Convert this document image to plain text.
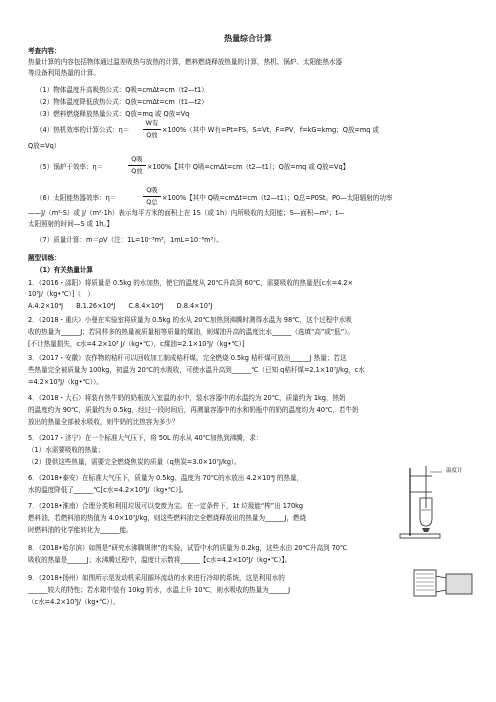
热量综合计算
考查内容：
热量计算的内容包括物体通过温差吸热与放热的计算，燃料燃烧释放热量的计算，热机、锅炉、太阳能热水器
等设备利用热量的计算。
（1）物体温度升高吸热公式：Q吸=cmΔt=cm（t2—t1）
（2）物体温度降低放热公式：Q放=cmΔt=cm（t1—t2）
（3）燃料燃烧释放热量公式：Q放=mq 或 Q放=Vq
（4）热机效率的计算公式：η＝
W有
Q放
×100%（其中 W有=Pt=FS，S=Vt，F=PV，f=kG=kmg；Q放=mq 或
Q放=Vq）
（5）锅炉于效率：η＝
Q吸
Q放 ×100%【其中 Q吸=cmΔt=cm（t2—t1）；Q放=mq 或 Q放=Vq】
（6）太阳能热器效率：η＝
Q吸
Q总 ×100%【其中 Q吸=cmΔt=cm（t2—t1）；Q总=P0St。P0—太阳辐射的功率
——J/（m²·S）或 J/（m²·1h）表示每平方米的面积上在 1S（或 1h）内所吸收的太阳能；S—面积—m²；t—
太阳照射的时间—S 或 1h。】
（7）质量计算：m＝ρV（注：1L=10⁻³m³，1mL=10⁻⁶m³）。
题型训练：
（1）有关热量计算
1．（2016・邵阳）将质量是 0.5kg 的水加热，使它的温度从 20℃升高到 60℃，需要吸收的热量是[c水=4.2×
10³J/（kg•℃）]（　）
A.4.2×10⁴J　　B.1.26×10⁴J　　C.8.4×10⁴J　　D.8.4×10⁷J
2．（2018・重庆）小曼在实验室将质量为 0.5kg 的水从 20℃加热到沸腾时测得水温为 98℃，这个过程中水吸
收的热量为______J；若同样多的热量被质量相等质量的煤油，则煤油升高的温度比水______（选填“高”或“低”）。
[不计热量损失，c水=4.2×10³ J/（kg•℃），c煤油=2.1×10³J/（kg•℃）]
3．（2017・安徽）农作物的秸秆可以回收加工制成秸秆煤。完全燃烧 0.5kg 秸秆煤可放出______J 热量；若这
些热量完全被质量为 100kg，初温为 20℃的水吸收，可使水温升高到______℃（已知 q秸秆煤=2.1×10⁷J/kg，c水
=4.2×10³J/（kg•℃））。
4．（2018・大石）将装有热牛奶的奶瓶放入室温的水中，装水容器中的水温约为 20℃，质量约为 1kg，热奶
的温度约为 90℃，质量约为 0.5kg，经过一段时间后，再测量容器中的水和奶瓶中的奶的温度均为 40℃，若牛奶
放出的热量全部被水吸收，则牛奶的比热容为多少？
5．（2017・济宁）在一个标准大气压下，将 50L 的水从 40℃加热到沸腾，求：
（1）水需要吸收的热量；
（2）提供这些热量，需要完全燃烧焦炭的质量（q焦炭=3.0×10⁷J/kg）。
6．（2018•泰安）在标准大气压下，质量为 0.5kg、温度为 70℃的水放出 4.2×10⁴J 的热量，
水的温度降低了______℃[c水=4.2×10³J/（kg•℃）]。
7．（2018•淮南）合理分类和利用垃圾可以变废为宝。在一定条件下，1t 垃圾能“榨”出 170kg
燃料油，若燃料油的热值为 4.0×10⁷J/kg，则这些燃料油完全燃烧释放出的热量为______J，燃烧
时燃料油的化学能转化为______能。
8．（2018•哈尔滨）如图是“研究水沸腾规律”的实验，试管中水的质量为 0.2kg，这些水由 20℃升高到 70℃
吸收的热量是______J；水沸腾过程中，温度计示数将______【c水=4.2×10³J/（kg•℃）】。
9．（2018•扬州）如图所示是发动机采用循环流动的水来进行冷却的系统，这是利用水的
______较大的特性；若水箱中装有 10kg 的水，水温上升 10℃，则水吸收的热量为______J
（c水=4.2×10³J/（kg•℃））。
温度计
